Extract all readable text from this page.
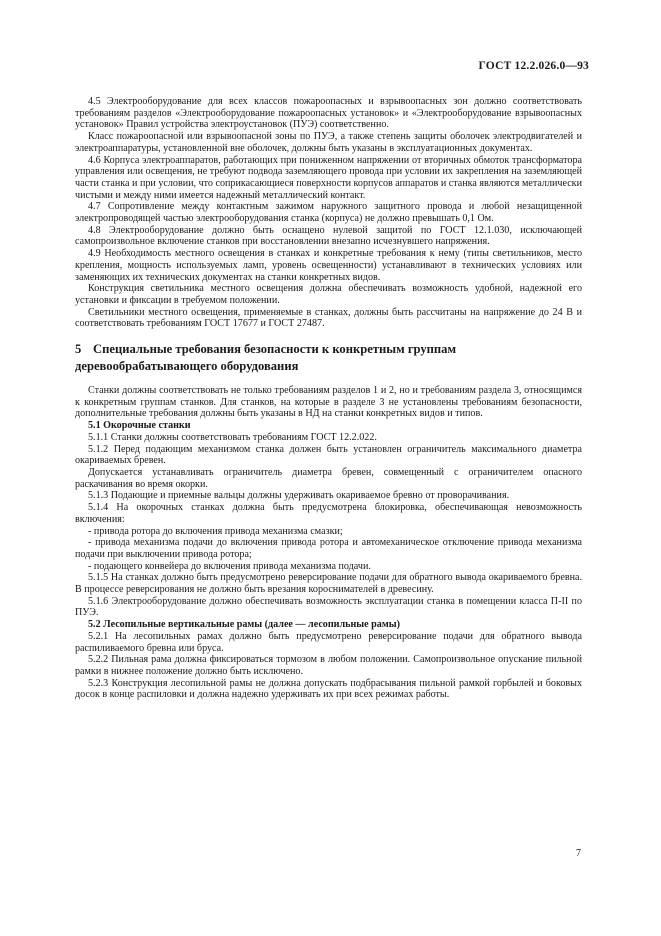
ГОСТ 12.2.026.0—93

4.5 Электрооборудование для всех классов пожароопасных и взрывоопасных зон должно соответствовать требованиям разделов «Электрооборудование пожароопасных установок» и «Электрооборудование взрывоопасных установок» Правил устройства электроустановок (ПУЭ) соответственно.

Класс пожароопасной или взрывоопасной зоны по ПУЭ, а также степень защиты оболочек электродвигателей и электроаппаратуры, установленной вне оболочек, должны быть указаны в эксплуатационных документах.

4.6 Корпуса электроаппаратов, работающих при пониженном напряжении от вторичных обмоток трансформатора управления или освещения, не требуют подвода заземляющего провода при условии их закрепления на заземляющей части станка и при условии, что соприкасающиеся поверхности корпусов аппаратов и станка являются металлически чистыми и между ними имеется надежный металлический контакт.

4.7 Сопротивление между контактным зажимом наружного защитного провода и любой незащищенной электропроводящей частью электрооборудования станка (корпуса) не должно превышать 0,1 Ом.

4.8 Электрооборудование должно быть оснащено нулевой защитой по ГОСТ 12.1.030, исключающей самопроизвольное включение станков при восстановлении внезапно исчезнувшего напряжения.

4.9 Необходимость местного освещения в станках и конкретные требования к нему (типы светильников, место крепления, мощность используемых ламп, уровень освещенности) устанавливают в технических условиях или заменяющих их технических документах на станки конкретных видов.

Конструкция светильника местного освещения должна обеспечивать возможность удобной, надежной его установки и фиксации в требуемом положении.

Светильники местного освещения, применяемые в станках, должны быть рассчитаны на напряжение до 24 В и соответствовать требованиям ГОСТ 17677 и ГОСТ 27487.

5 Специальные требования безопасности к конкретным группам деревообрабатывающего оборудования

Станки должны соответствовать не только требованиям разделов 1 и 2, но и требованиям раздела 3, относящимся к конкретным группам станков. Для станков, на которые в разделе 3 не установлены требованиям безопасности, дополнительные требования должны быть указаны в НД на станки конкретных видов и типов.

5.1 Окорочные станки

5.1.1 Станки должны соответствовать требованиям ГОСТ 12.2.022.

5.1.2 Перед подающим механизмом станка должен быть установлен ограничитель максимального диаметра окариваемых бревен.

Допускается устанавливать ограничитель диаметра бревен, совмещенный с ограничителем опасного раскачивания во время окорки.

5.1.3 Подающие и приемные вальцы должны удерживать окариваемое бревно от проворачивания.

5.1.4 На окорочных станках должна быть предусмотрена блокировка, обеспечивающая невозможность включения:

- привода ротора до включения привода механизма смазки;

- привода механизма подачи до включения привода ротора и автомеханическое отключение привода механизма подачи при выключении привода ротора;

- подающего конвейера до включения привода механизма подачи.

5.1.5 На станках должно быть предусмотрено реверсирование подачи для обратного вывода окариваемого бревна. В процессе реверсирования не должно быть врезания короснимателей в древесину.

5.1.6 Электрооборудование должно обеспечивать возможность эксплуатации станка в помещении класса П-II по ПУЭ.

5.2 Лесопильные вертикальные рамы (далее — лесопильные рамы)

5.2.1 На лесопильных рамах должно быть предусмотрено реверсирование подачи для обратного вывода распиливаемого бревна или бруса.

5.2.2 Пильная рама должна фиксироваться тормозом в любом положении. Самопроизвольное опускание пильной рамки в нижнее положение должно быть исключено.

5.2.3 Конструкция лесопильной рамы не должна допускать подбрасывания пильной рамкой горбылей и боковых досок в конце распиловки и должна надежно удерживать их при всех режимах работы.

7
